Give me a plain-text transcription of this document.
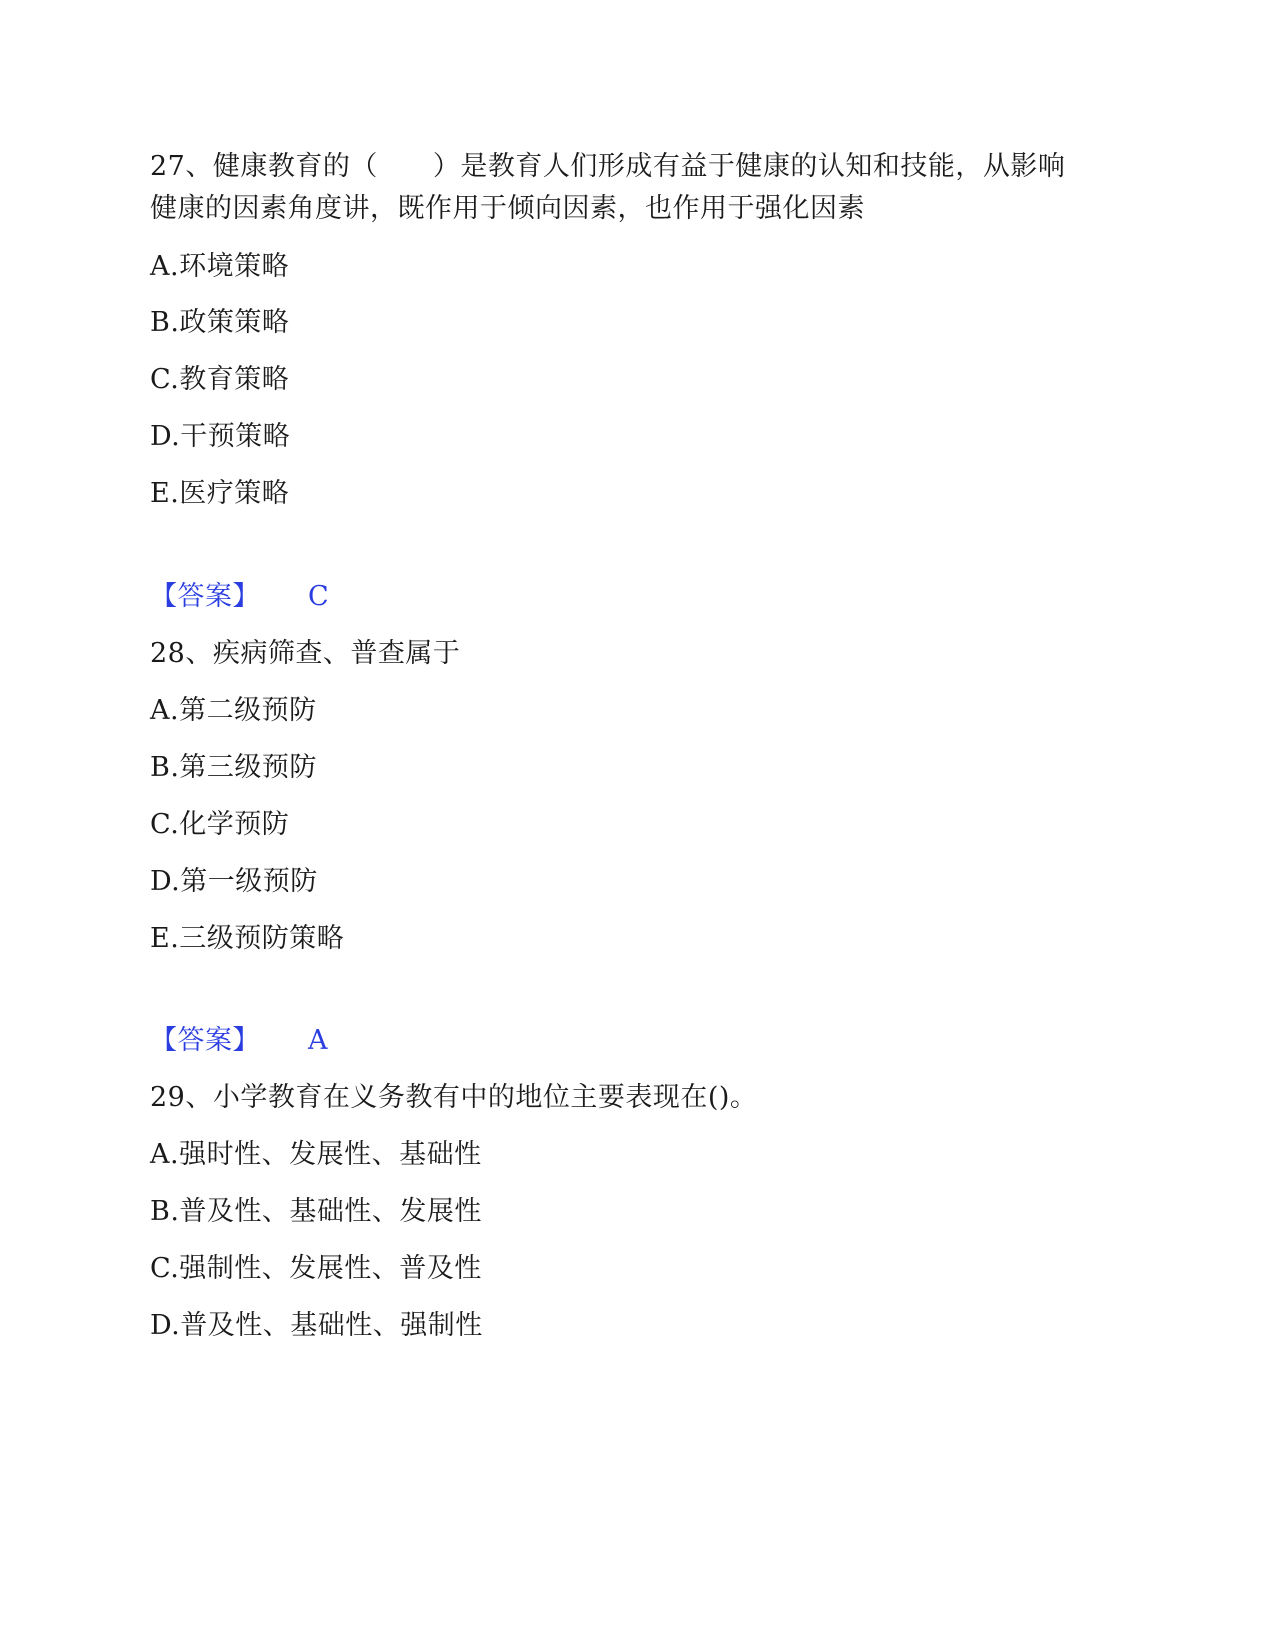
27、健康教育的（　　）是教育人们形成有益于健康的认知和技能，从影响
健康的因素角度讲，既作用于倾向因素，也作用于强化因素
A.环境策略
B.政策策略
C.教育策略
D.干预策略
E.医疗策略
【答案】 C
28、疾病筛查、普查属于
A.第二级预防
B.第三级预防
C.化学预防
D.第一级预防
E.三级预防策略
【答案】 A
29、小学教育在义务教有中的地位主要表现在()。
A.强时性、发展性、基础性
B.普及性、基础性、发展性
C.强制性、发展性、普及性
D.普及性、基础性、强制性
